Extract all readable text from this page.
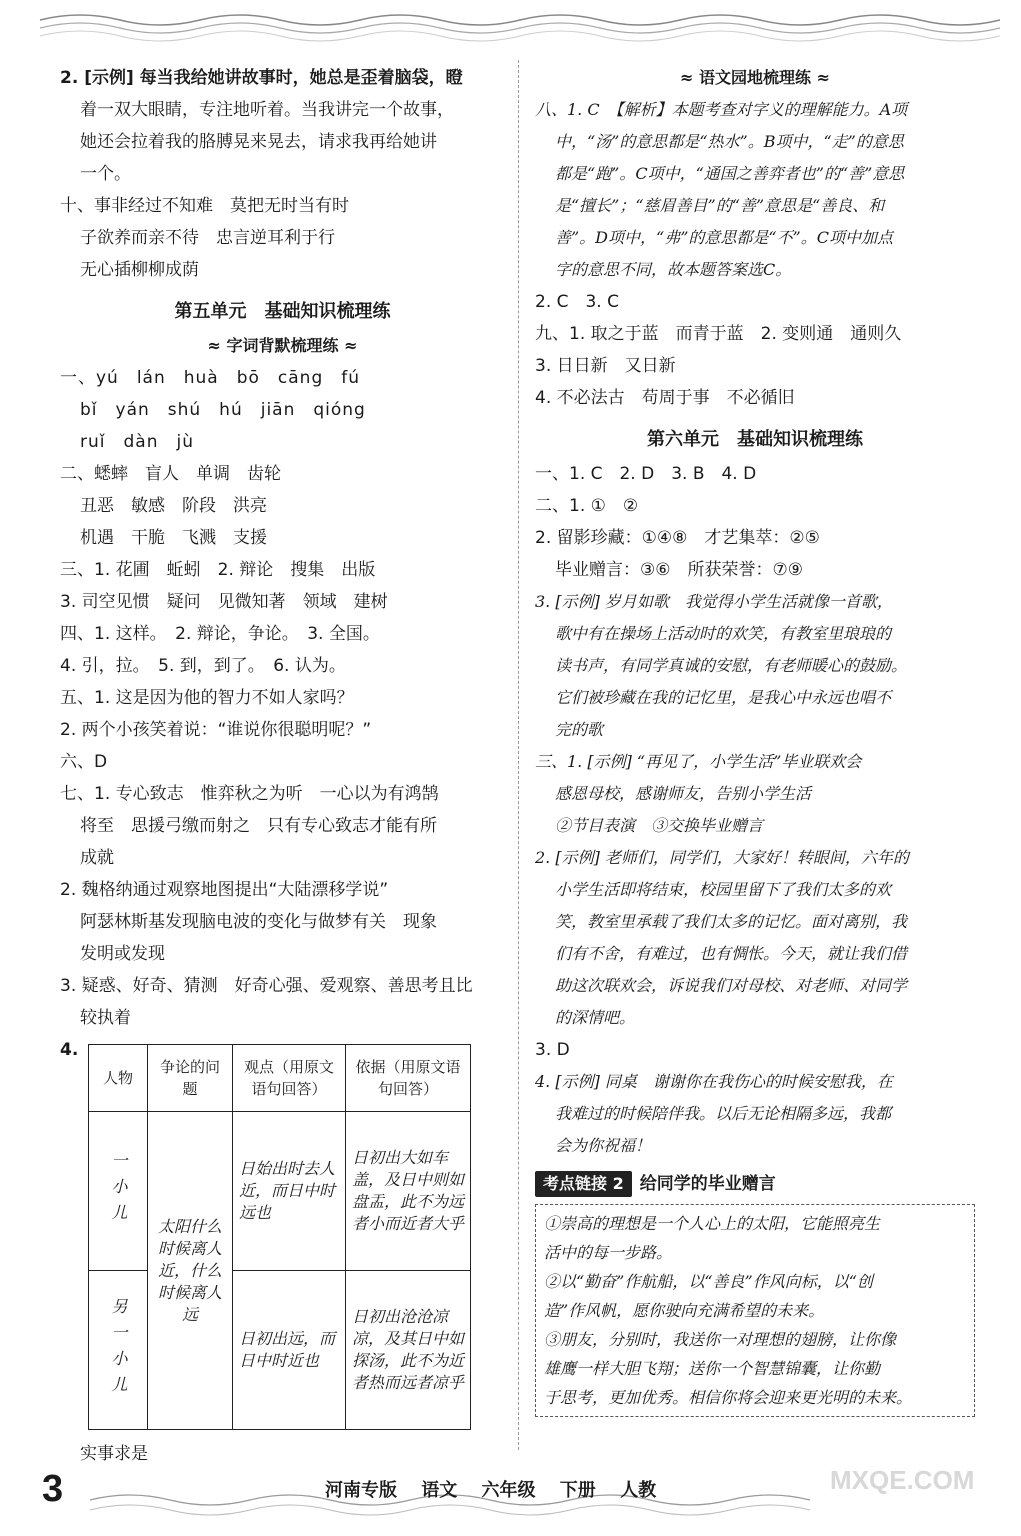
2. [示例] 每当我给她讲故事时，她总是歪着脑袋，瞪
着一双大眼睛，专注地听着。当我讲完一个故事，
她还会拉着我的胳膊晃来晃去，请求我再给她讲
一个。
十、事非经过不知难　莫把无时当有时
子欲养而亲不待　忠言逆耳利于行
无心插柳柳成荫
第五单元　基础知识梳理练
≈ 字词背默梳理练 ≈
一、yú　lán　huà　bō　cāng　fú
bǐ　yán　shú　hú　jiān　qióng
ruǐ　dàn　jù
二、蟋蟀　盲人　单调　齿轮
丑恶　敏感　阶段　洪亮
机遇　干脆　飞溅　支援
三、1. 花圃　蚯蚓　2. 辩论　搜集　出版
3. 司空见惯　疑问　见微知著　领域　建树
四、1. 这样。　2. 辩论，争论。　3. 全国。
4. 引，拉。　5. 到，到了。　6. 认为。
五、1. 这是因为他的智力不如人家吗？
2. 两个小孩笑着说：“谁说你很聪明呢？”
六、D
七、1. 专心致志　惟弈秋之为听　一心以为有鸿鹄
将至　思援弓缴而射之　只有专心致志才能有所
成就
2. 魏格纳通过观察地图提出“大陆漂移学说”
阿瑟林斯基发现脑电波的变化与做梦有关　现象
发明或发现
3. 疑惑、好奇、猜测　好奇心强、爱观察、善思考且比
较执着
4.
人物	争论的问题	观点（用原文语句回答）	依据（用原文语句回答）

一小儿	太阳什么时候离人近，什么时候离人远	日始出时去人近，而日中时远也	日初出大如车盖，及日中则如盘盂，此不为远者小而近者大乎

另一小儿		日初出远，而日中时近也	日初出沧沧凉凉，及其日中如探汤，此不为近者热而远者凉乎
实事求是
≈ 语文园地梳理练 ≈
八、1. C　【解析】本题考查对字义的理解能力。A项
中，“汤”的意思都是“热水”。B项中，“走”的意思
都是“跑”。C项中，“通国之善弈者也”的“善”意思
是“擅长”；“慈眉善目”的“善”意思是“善良、和
善”。D项中，“弗”的意思都是“不”。C项中加点
字的意思不同，故本题答案选C。
2. C　3. C
九、1. 取之于蓝　而青于蓝　2. 变则通　通则久
3. 日日新　又日新
4. 不必法古　苟周于事　不必循旧
第六单元　基础知识梳理练
一、1. C　2. D　3. B　4. D
二、1. ①　②
2. 留影珍藏：①④⑧　才艺集萃：②⑤
毕业赠言：③⑥　所获荣誉：⑦⑨
3. [示例] 岁月如歌　我觉得小学生活就像一首歌，
歌中有在操场上活动时的欢笑，有教室里琅琅的
读书声，有同学真诚的安慰，有老师暖心的鼓励。
它们被珍藏在我的记忆里，是我心中永远也唱不
完的歌
三、1. [示例] “再见了，小学生活”毕业联欢会
感恩母校，感谢师友，告别小学生活
②节目表演　③交换毕业赠言
2. [示例] 老师们，同学们，大家好！转眼间，六年的
小学生活即将结束，校园里留下了我们太多的欢
笑，教室里承载了我们太多的记忆。面对离别，我
们有不舍，有难过，也有惆怅。今天，就让我们借
助这次联欢会，诉说我们对母校、对老师、对同学
的深情吧。
3. D
4. [示例] 同桌　谢谢你在我伤心的时候安慰我，在
我难过的时候陪伴我。以后无论相隔多远，我都
会为你祝福！
考点链接 2 给同学的毕业赠言
①崇高的理想是一个人心上的太阳，它能照亮生
活中的每一步路。
②以“勤奋”作航船，以“善良”作风向标，以“创
造”作风帆，愿你驶向充满希望的未来。
③朋友，分别时，我送你一对理想的翅膀，让你像
雄鹰一样大胆飞翔；送你一个智慧锦囊，让你勤
于思考，更加优秀。相信你将会迎来更光明的未来。
3	河南专版 语文 六年级 下册 人教	MXQE.COM
